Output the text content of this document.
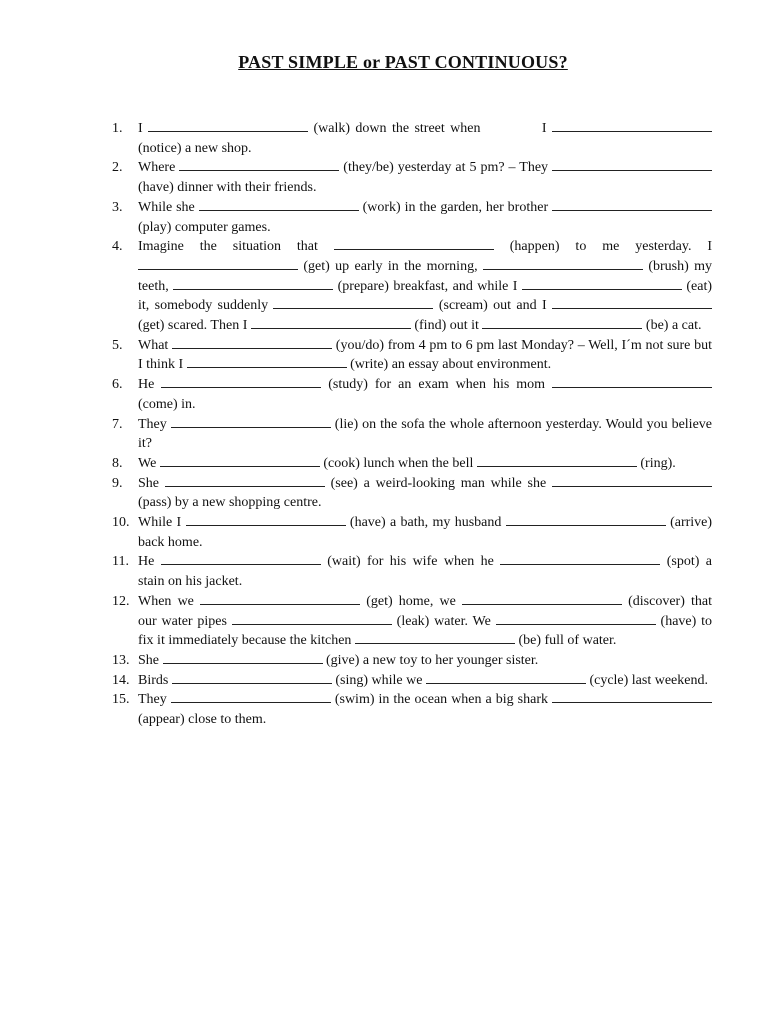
PAST SIMPLE or PAST CONTINUOUS?
1.	I	(walk) down the street when	I  (notice) a new shop.
2.	Where	(they/be) yesterday at 5 pm? – They  (have) dinner with their friends.
3.	While she	(work) in the garden, her brother  (play) computer games.
4.	Imagine the situation that	(happen) to me yesterday. I  (get) up early in the morning,	(brush) my teeth,	(prepare) breakfast, and while I	(eat) it, somebody suddenly	(scream) out and I  (get) scared. Then I	(find) out it	(be) a cat.
5.	What	(you/do) from 4 pm to 6 pm last Monday? – Well, I´m not sure but I think I	(write) an essay about environment.
6.	He	(study) for an exam when his mom  (come) in.
7.	They	(lie) on the sofa the whole afternoon yesterday. Would you believe it?
8.	We	(cook) lunch when the bell	(ring).
9.	She	(see) a weird-looking man while she  (pass) by a new shopping centre.
10. While I	(have) a bath, my husband	(arrive) back home.
11. He	(wait) for his wife when he	(spot) a stain on his jacket.
12. When we	(get) home, we	(discover) that our water pipes	(leak) water. We	(have) to fix it immediately because the kitchen	(be) full of water.
13. She	(give) a new toy to her younger sister.
14. Birds	(sing) while we	(cycle) last weekend.
15. They	(swim) in the ocean when a big shark  (appear) close to them.
